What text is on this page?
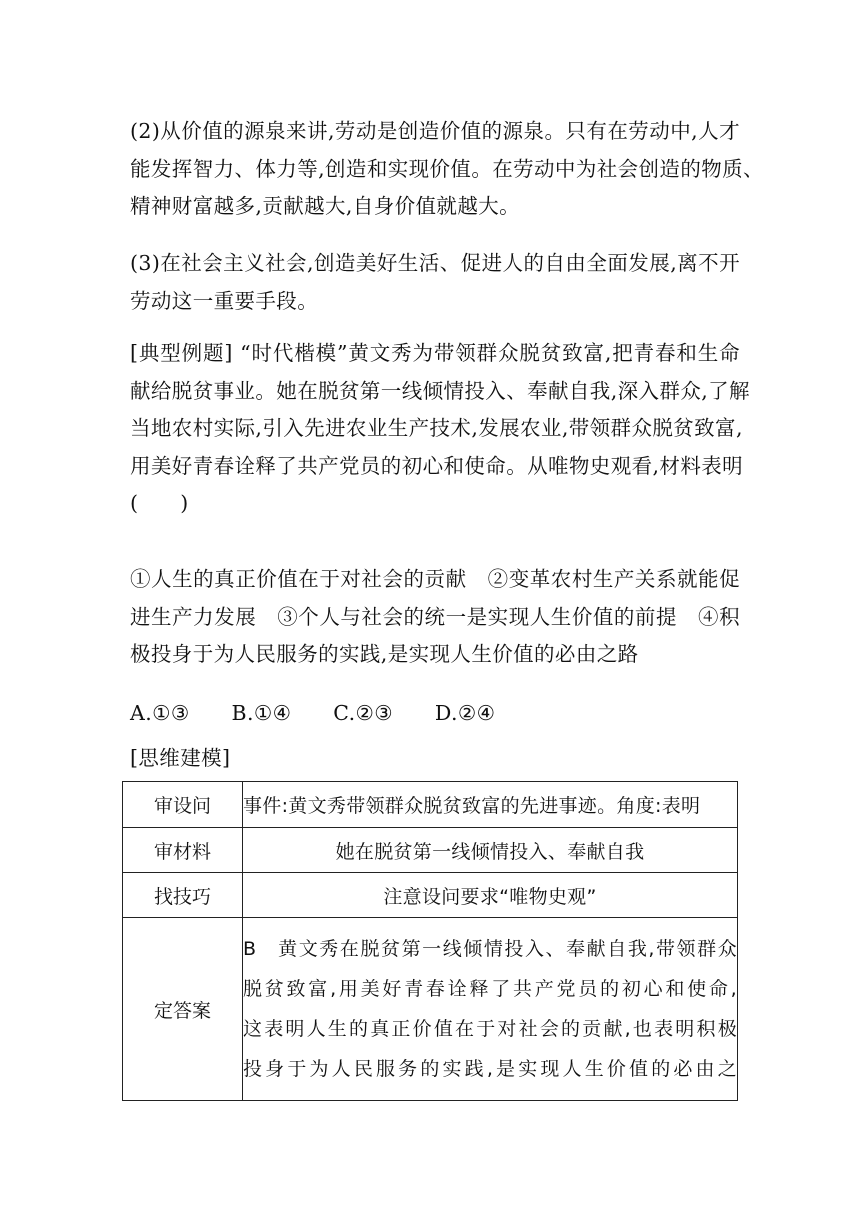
(2)从价值的源泉来讲,劳动是创造价值的源泉。只有在劳动中,人才
能发挥智力、体力等,创造和实现价值。在劳动中为社会创造的物质、
精神财富越多,贡献越大,自身价值就越大。
(3)在社会主义社会,创造美好生活、促进人的自由全面发展,离不开
劳动这一重要手段。
[典型例题] “时代楷模”黄文秀为带领群众脱贫致富,把青春和生命
献给脱贫事业。她在脱贫第一线倾情投入、奉献自我,深入群众,了解
当地农村实际,引入先进农业生产技术,发展农业,带领群众脱贫致富,
用美好青春诠释了共产党员的初心和使命。从唯物史观看,材料表明
(　　)
①人生的真正价值在于对社会的贡献　②变革农村生产关系就能促
进生产力发展　③个人与社会的统一是实现人生价值的前提　④积
极投身于为人民服务的实践,是实现人生价值的必由之路
A.①③　　B.①④　　C.②③　　D.②④
[思维建模]
审设问	事件:黄文秀带领群众脱贫致富的先进事迹。角度:表明
审材料	她在脱贫第一线倾情投入、奉献自我
找技巧	注意设问要求“唯物史观”
定答案	B　黄文秀在脱贫第一线倾情投入、奉献自我,带领群众
脱贫致富,用美好青春诠释了共产党员的初心和使命,
这表明人生的真正价值在于对社会的贡献,也表明积极
投身于为人民服务的实践,是实现人生价值的必由之
